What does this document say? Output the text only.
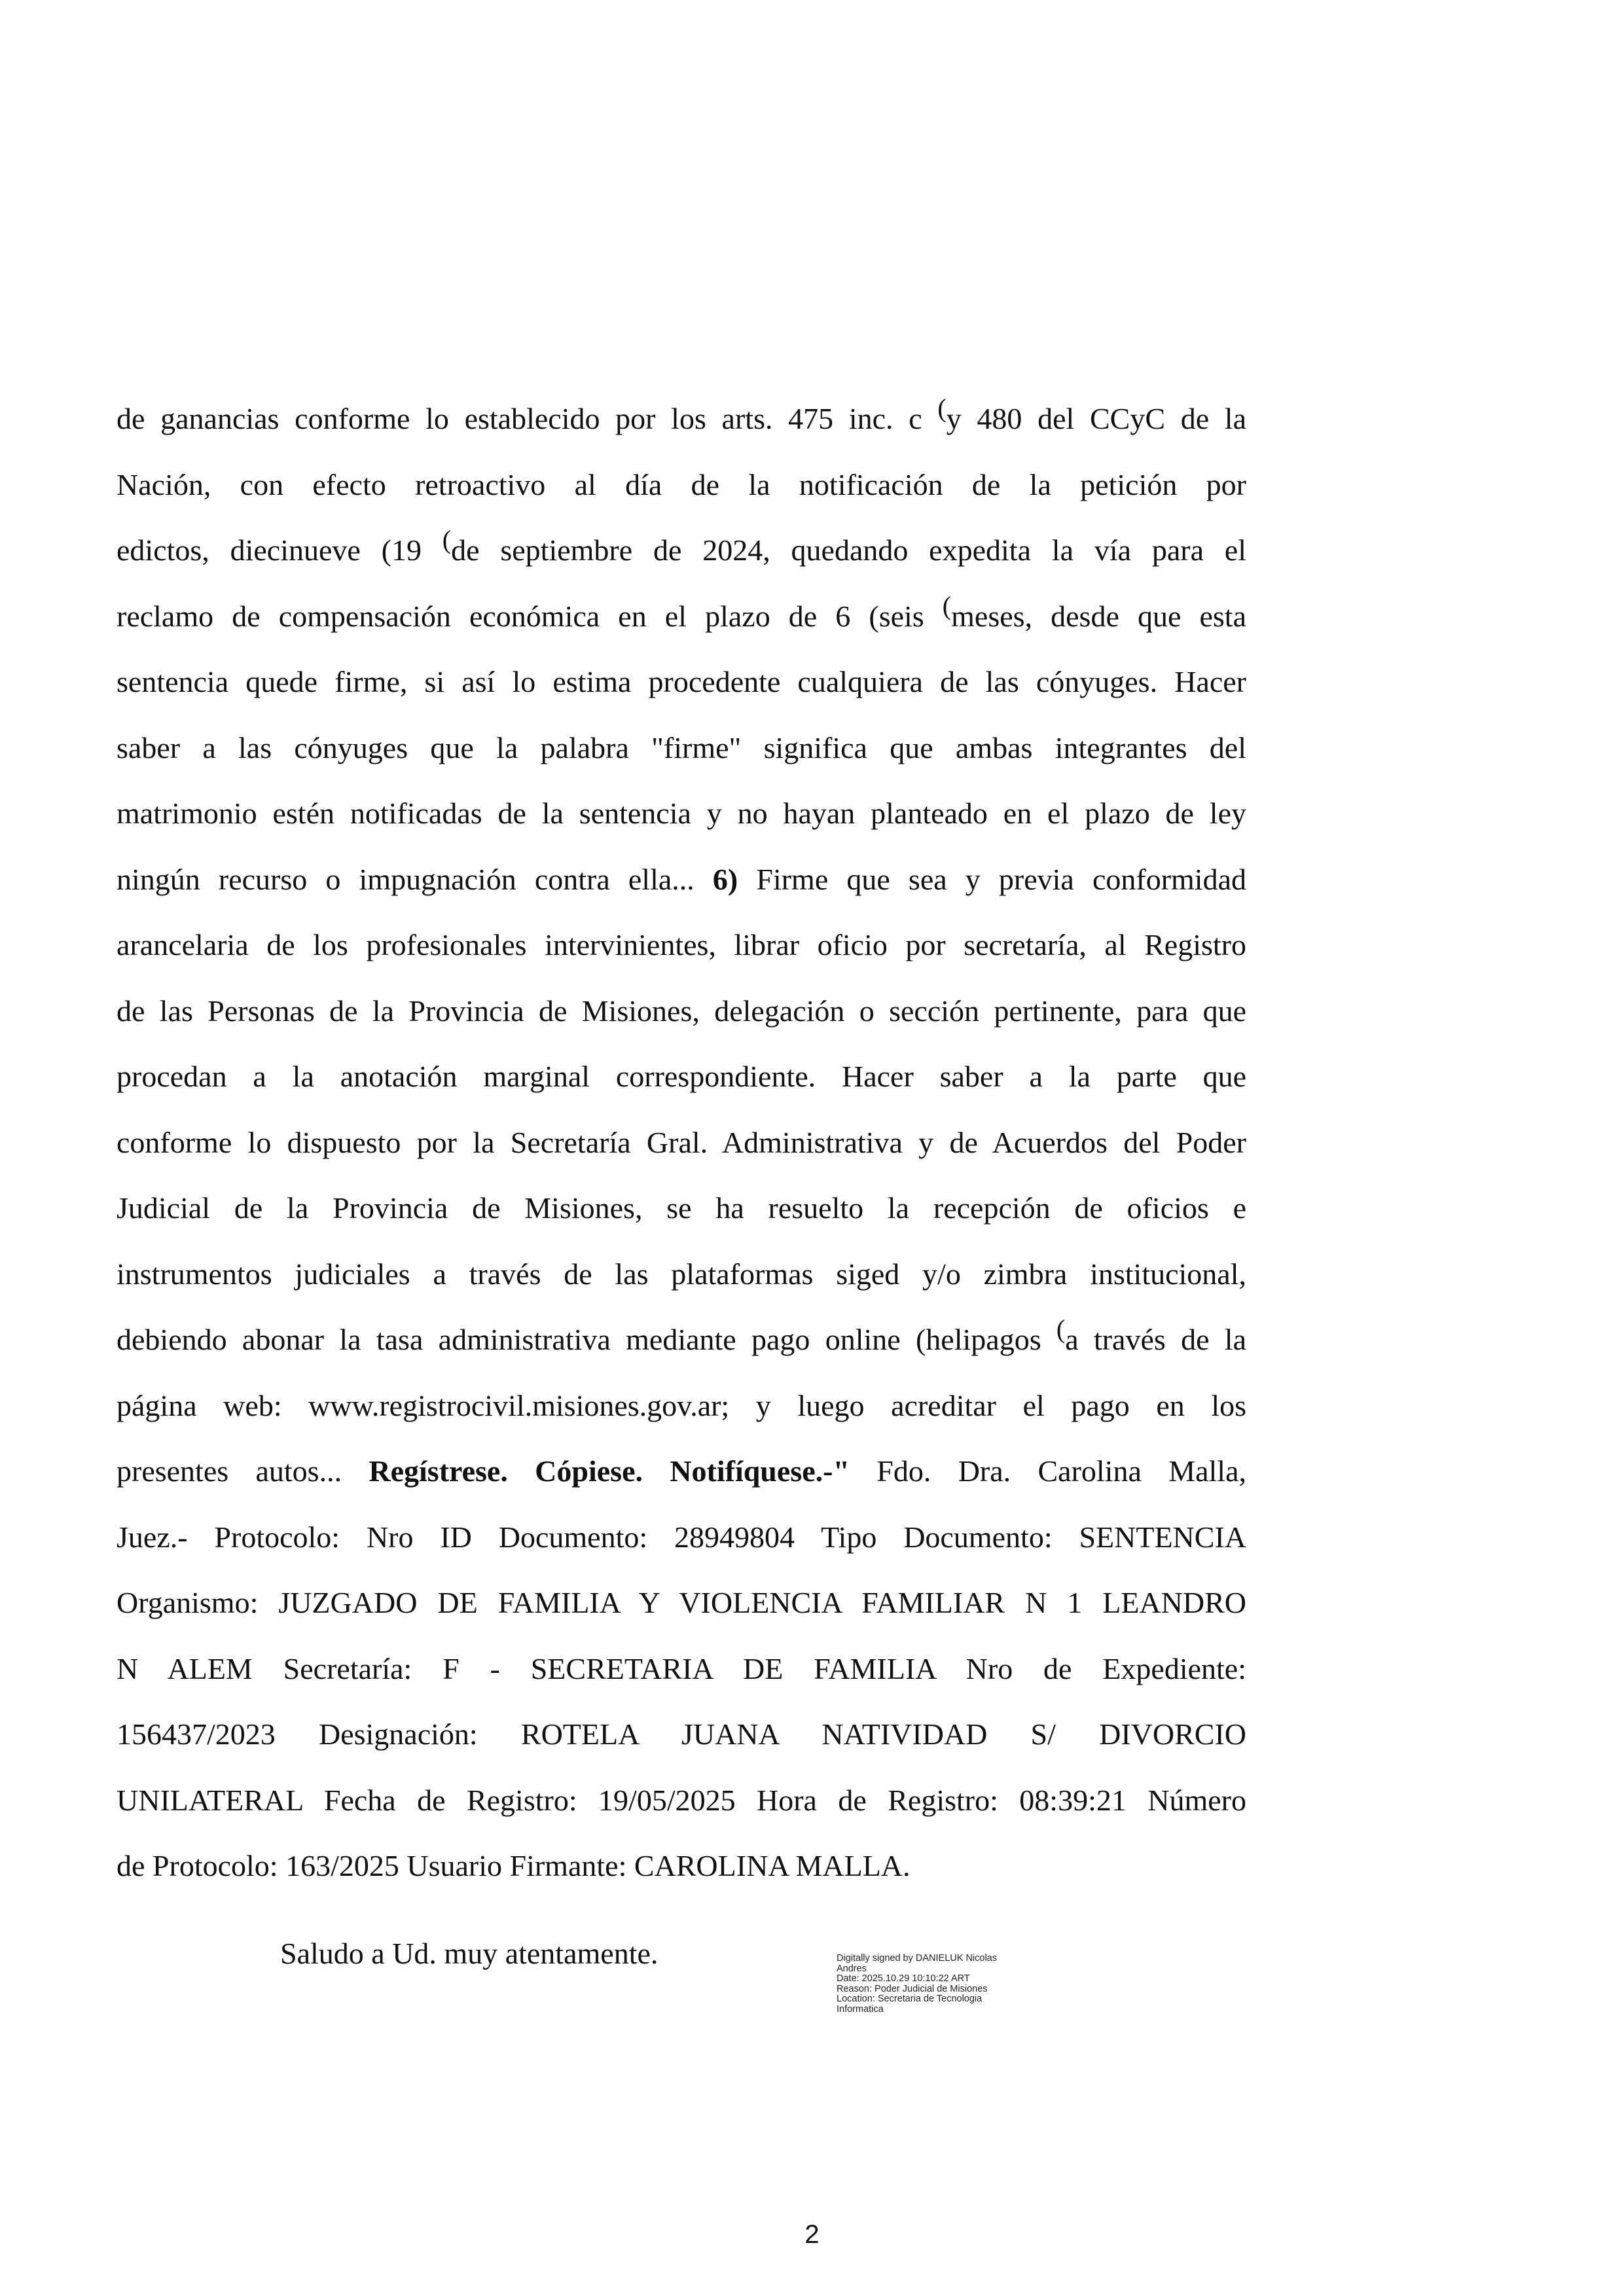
de ganancias conforme lo establecido por los arts. 475 inc. c (y 480 del CCyC de la
Nación, con efecto retroactivo al día de la notificación de la petición por
edictos, diecinueve (19 (de septiembre de 2024, quedando expedita la vía para el
reclamo de compensación económica en el plazo de 6 (seis (meses, desde que esta
sentencia quede firme, si así lo estima procedente cualquiera de las cónyuges. Hacer
saber a las cónyuges que la palabra "firme" significa que ambas integrantes del
matrimonio estén notificadas de la sentencia y no hayan planteado en el plazo de ley
ningún recurso o impugnación contra ella... 6) Firme que sea y previa conformidad
arancelaria de los profesionales intervinientes, librar oficio por secretaría, al Registro
de las Personas de la Provincia de Misiones, delegación o sección pertinente, para que
procedan a la anotación marginal correspondiente. Hacer saber a la parte que
conforme lo dispuesto por la Secretaría Gral. Administrativa y de Acuerdos del Poder
Judicial de la Provincia de Misiones, se ha resuelto la recepción de oficios e
instrumentos judiciales a través de las plataformas siged y/o zimbra institucional,
debiendo abonar la tasa administrativa mediante pago online (helipagos (a través de la
página web: www.registrocivil.misiones.gov.ar; y luego acreditar el pago en los
presentes autos... Regístrese. Cópiese. Notifíquese.-" Fdo. Dra. Carolina Malla,
Juez.- Protocolo: Nro ID Documento: 28949804 Tipo Documento: SENTENCIA
Organismo: JUZGADO DE FAMILIA Y VIOLENCIA FAMILIAR N 1 LEANDRO
N ALEM Secretaría: F - SECRETARIA DE FAMILIA Nro de Expediente:
156437/2023 Designación: ROTELA JUANA NATIVIDAD S/ DIVORCIO
UNILATERAL Fecha de Registro: 19/05/2025 Hora de Registro: 08:39:21 Número
de Protocolo: 163/2025 Usuario Firmante: CAROLINA MALLA.
Saludo a Ud. muy atentamente.	Digitally signed by DANIELUK Nicolas
Andres
Date: 2025.10.29 10:10:22 ART
Reason: Poder Judicial de Misiones
Location: Secretaria de Tecnologia
Informatica
2
